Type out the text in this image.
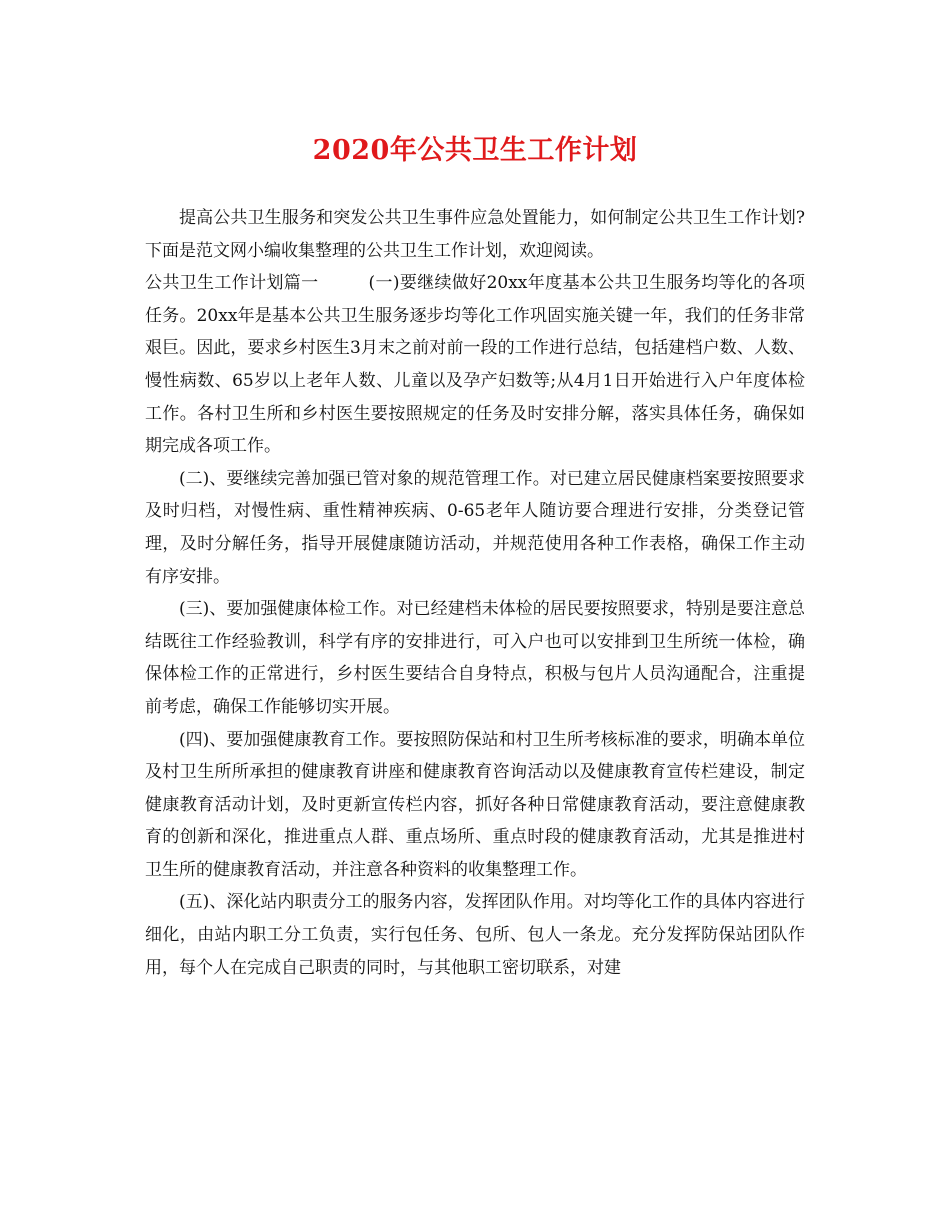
2020年公共卫生工作计划

提高公共卫生服务和突发公共卫生事件应急处置能力，如何制定公共卫生工作计划?下面是范文网小编收集整理的公共卫生工作计划，欢迎阅读。

公共卫生工作计划篇一	(一)要继续做好20xx年度基本公共卫生服务均等化的各项任务。20xx年是基本公共卫生服务逐步均等化工作巩固实施关键一年，我们的任务非常艰巨。因此，要求乡村医生3月末之前对前一段的工作进行总结，包括建档户数、人数、慢性病数、65岁以上老年人数、儿童以及孕产妇数等;从4月1日开始进行入户年度体检工作。各村卫生所和乡村医生要按照规定的任务及时安排分解，落实具体任务，确保如期完成各项工作。

(二)、要继续完善加强已管对象的规范管理工作。对已建立居民健康档案要按照要求及时归档，对慢性病、重性精神疾病、0-65老年人随访要合理进行安排，分类登记管理，及时分解任务，指导开展健康随访活动，并规范使用各种工作表格，确保工作主动有序安排。

(三)、要加强健康体检工作。对已经建档未体检的居民要按照要求，特别是要注意总结既往工作经验教训，科学有序的安排进行，可入户也可以安排到卫生所统一体检，确保体检工作的正常进行，乡村医生要结合自身特点，积极与包片人员沟通配合，注重提前考虑，确保工作能够切实开展。

(四)、要加强健康教育工作。要按照防保站和村卫生所考核标准的要求，明确本单位及村卫生所所承担的健康教育讲座和健康教育咨询活动以及健康教育宣传栏建设，制定健康教育活动计划，及时更新宣传栏内容，抓好各种日常健康教育活动，要注意健康教育的创新和深化，推进重点人群、重点场所、重点时段的健康教育活动，尤其是推进村卫生所的健康教育活动，并注意各种资料的收集整理工作。

(五)、深化站内职责分工的服务内容，发挥团队作用。对均等化工作的具体内容进行细化，由站内职工分工负责，实行包任务、包所、包人一条龙。充分发挥防保站团队作用，每个人在完成自己职责的同时，与其他职工密切联系，对建
